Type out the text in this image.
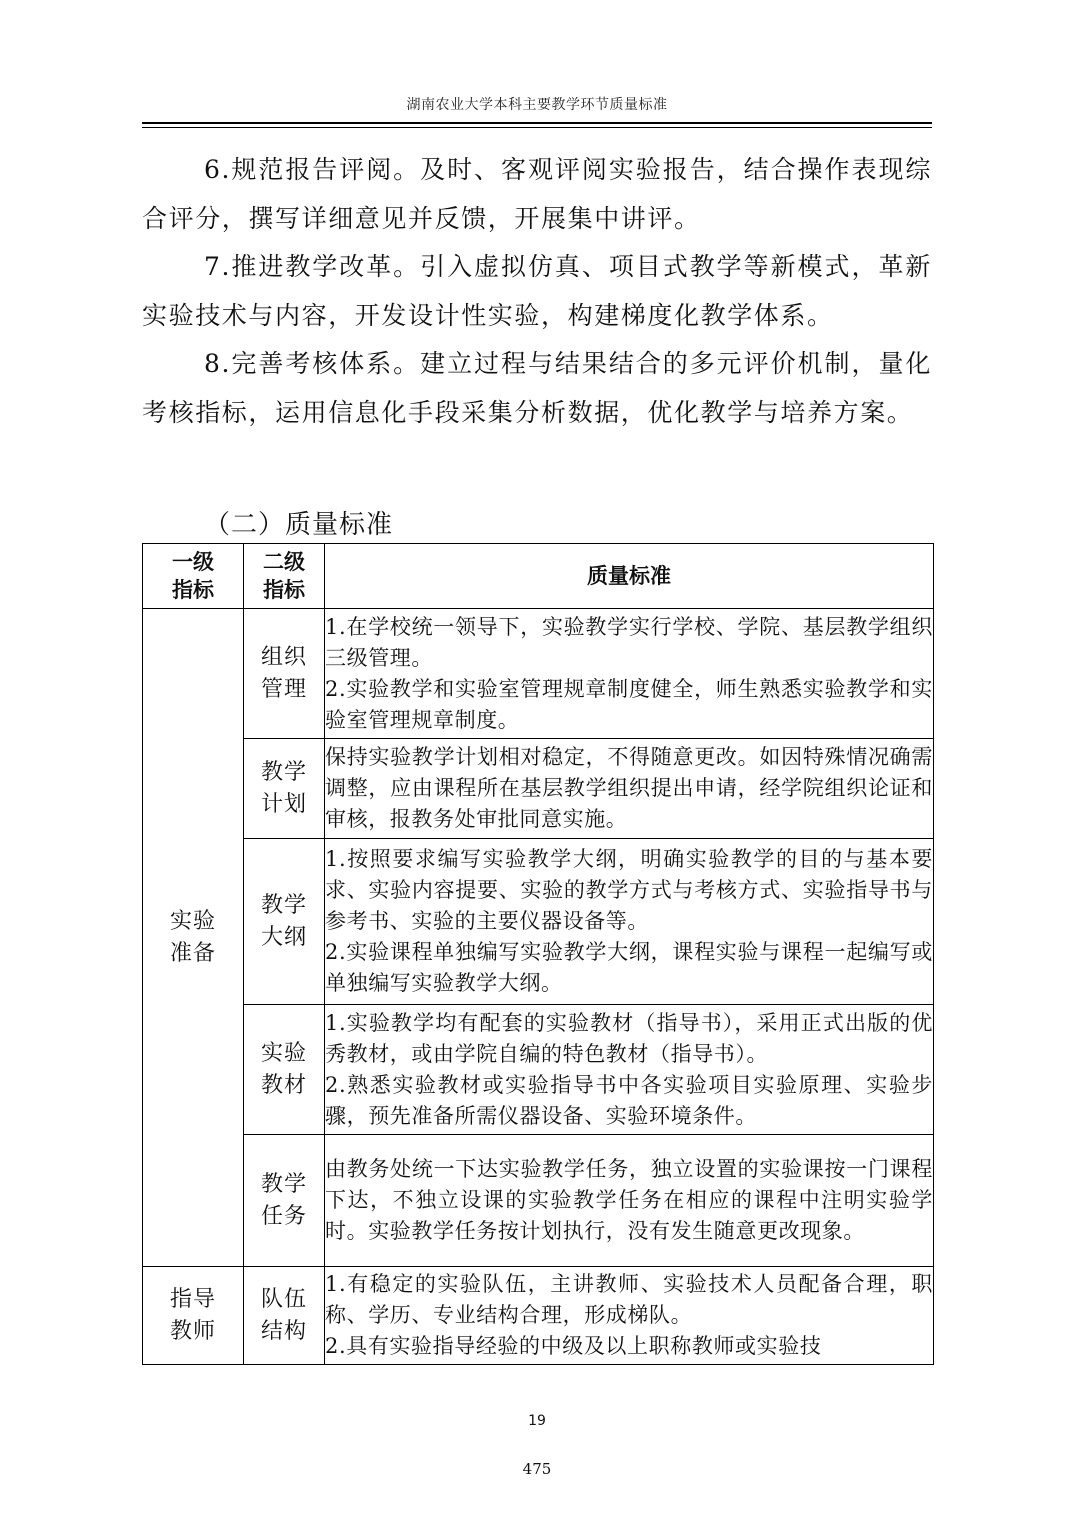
湖南农业大学本科主要教学环节质量标准

6.规范报告评阅。及时、客观评阅实验报告，结合操作表现综合评分，撰写详细意见并反馈，开展集中讲评。

7.推进教学改革。引入虚拟仿真、项目式教学等新模式，革新实验技术与内容，开发设计性实验，构建梯度化教学体系。

8.完善考核体系。建立过程与结果结合的多元评价机制，量化考核指标，运用信息化手段采集分析数据，优化教学与培养方案。

（二）质量标准
一级指标	二级指标	质量标准
实验准备	组织管理	1.在学校统一领导下，实验教学实行学校、学院、基层教学组织三级管理。

2.实验教学和实验室管理规章制度健全，师生熟悉实验教学和实验室管理规章制度。

	教学计划	保持实验教学计划相对稳定，不得随意更改。如因特殊情况确需调整，应由课程所在基层教学组织提出申请，经学院组织论证和审核，报教务处审批同意实施。

	教学大纲	1.按照要求编写实验教学大纲，明确实验教学的目的与基本要求、实验内容提要、实验的教学方式与考核方式、实验指导书与参考书、实验的主要仪器设备等。

2.实验课程单独编写实验教学大纲，课程实验与课程一起编写或单独编写实验教学大纲。

	实验教材	1.实验教学均有配套的实验教材（指导书），采用正式出版的优秀教材，或由学院自编的特色教材（指导书）。

2.熟悉实验教材或实验指导书中各实验项目实验原理、实验步骤，预先准备所需仪器设备、实验环境条件。

	教学任务	由教务处统一下达实验教学任务，独立设置的实验课按一门课程下达，不独立设课的实验教学任务在相应的课程中注明实验学时。实验教学任务按计划执行，没有发生随意更改现象。

指导教师	队伍结构	1.有稳定的实验队伍，主讲教师、实验技术人员配备合理，职称、学历、专业结构合理，形成梯队。

2.具有实验指导经验的中级及以上职称教师或实验技

19
475
